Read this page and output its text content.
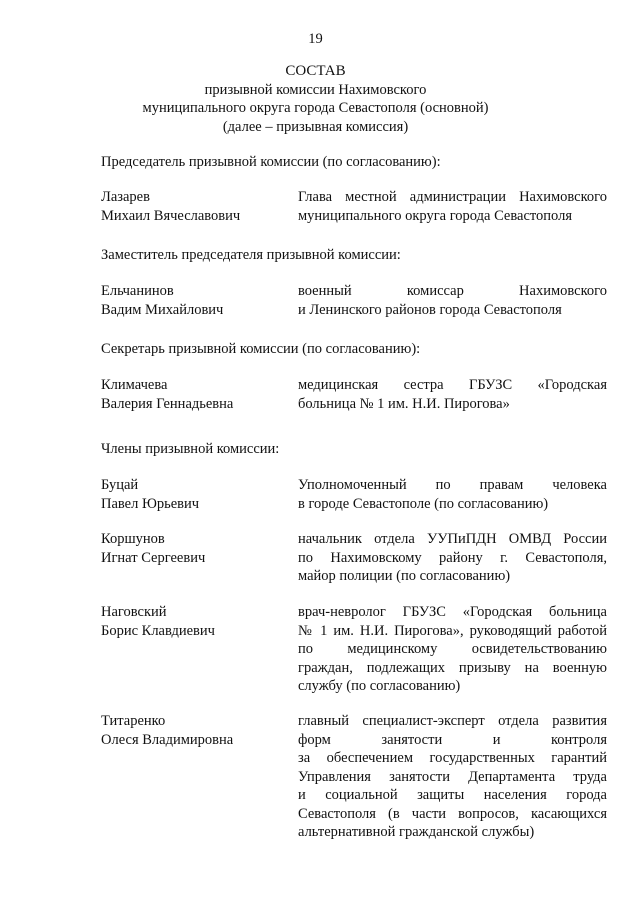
19
СОСТАВ
призывной комиссии Нахимовского
муниципального округа города Севастополя (основной)
(далее – призывная комиссия)
Председатель призывной комиссии (по согласованию):
Лазарев
Михаил Вячеславович
Глава местной администрации Нахимовского
муниципального округа города Севастополя
Заместитель председателя призывной комиссии:
Ельчанинов
Вадим Михайлович
военный комиссар Нахимовского
и Ленинского районов города Севастополя
Секретарь призывной комиссии (по согласованию):
Климачева
Валерия Геннадьевна
медицинская сестра ГБУЗС «Городская
больница № 1 им. Н.И. Пирогова»
Члены призывной комиссии:
Буцай
Павел Юрьевич
Уполномоченный по правам человека
в городе Севастополе (по согласованию)
Коршунов
Игнат Сергеевич
начальник отдела УУПиПДН ОМВД России
по Нахимовскому району г. Севастополя,
майор полиции (по согласованию)
Наговский
Борис Клавдиевич
врач-невролог ГБУЗС «Городская больница
№ 1 им. Н.И. Пирогова», руководящий работой
по медицинскому освидетельствованию
граждан, подлежащих призыву на военную
службу (по согласованию)
Титаренко
Олеся Владимировна
главный специалист-эксперт отдела развития
форм занятости и контроля
за обеспечением государственных гарантий
Управления занятости Департамента труда
и социальной защиты населения города
Севастополя (в части вопросов, касающихся
альтернативной гражданской службы)
